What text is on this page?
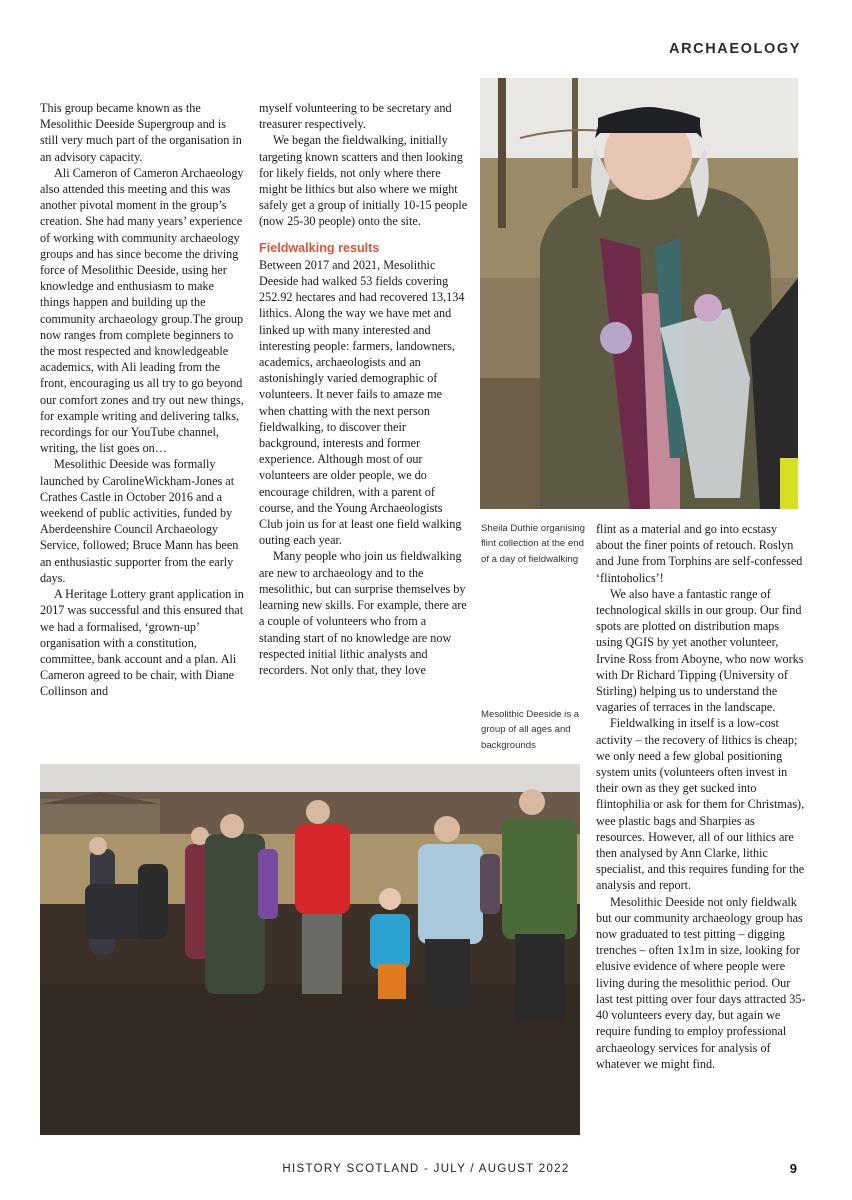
ARCHAEOLOGY

This group became known as the Mesolithic Deeside Supergroup and is still very much part of the organisation in an advisory capacity.

Ali Cameron of Cameron Archaeology also attended this meeting and this was another pivotal moment in the group’s creation. She had many years’ experience of working with community archaeology groups and has since become the driving force of Mesolithic Deeside, using her knowledge and enthusiasm to make things happen and building up the community archaeology group.The group now ranges from complete beginners to the most respected and knowledgeable academics, with Ali leading from the front, encouraging us all try to go beyond our comfort zones and try out new things, for example writing and delivering talks, recordings for our YouTube channel, writing, the list goes on…

Mesolithic Deeside was formally launched by CarolineWickham-Jones at Crathes Castle in October 2016 and a weekend of public activities, funded by Aberdeenshire Council Archaeology Service, followed; Bruce Mann has been an enthusiastic supporter from the early days.

A Heritage Lottery grant application in 2017 was successful and this ensured that we had a formalised, ‘grown-up’ organisation with a constitution, committee, bank account and a plan. Ali Cameron agreed to be chair, with Diane Collinson and

myself volunteering to be secretary and treasurer respectively.

We began the fieldwalking, initially targeting known scatters and then looking for likely fields, not only where there might be lithics but also where we might safely get a group of initially 10-15 people (now 25-30 people) onto the site.

Fieldwalking results

Between 2017 and 2021, Mesolithic Deeside had walked 53 fields covering 252.92 hectares and had recovered 13,134 lithics. Along the way we have met and linked up with many interested and interesting people: farmers, landowners, academics, archaeologists and an astonishingly varied demographic of volunteers. It never fails to amaze me when chatting with the next person fieldwalking, to discover their background, interests and former experience. Although most of our volunteers are older people, we do encourage children, with a parent of course, and the Young Archaeologists Club join us for at least one field walking outing each year.

Many people who join us fieldwalking are new to archaeology and to the mesolithic, but can surprise themselves by learning new skills. For example, there are a couple of volunteers who from a standing start of no knowledge are now respected initial lithic analysts and recorders. Not only that, they love

Sheila Duthie organising flint collection at the end of a day of fieldwalking
Mesolithic Deeside is a group of all ages and backgrounds

flint as a material and go into ecstasy about the finer points of retouch. Roslyn and June from Torphins are self-confessed ‘flintoholics’!

We also have a fantastic range of technological skills in our group. Our find spots are plotted on distribution maps using QGIS by yet another volunteer, Irvine Ross from Aboyne, who now works with Dr Richard Tipping (University of Stirling) helping us to understand the vagaries of terraces in the landscape.

Fieldwalking in itself is a low-cost activity – the recovery of lithics is cheap; we only need a few global positioning system units (volunteers often invest in their own as they get sucked into flintophilia or ask for them for Christmas), wee plastic bags and Sharpies as resources. However, all of our lithics are then analysed by Ann Clarke, lithic specialist, and this requires funding for the analysis and report.

Mesolithic Deeside not only fieldwalk but our community archaeology group has now graduated to test pitting – digging trenches – often 1x1m in size, looking for elusive evidence of where people were living during the mesolithic period. Our last test pitting over four days attracted 35-40 volunteers every day, but again we require funding to employ professional archaeology services for analysis of whatever we might find.

HISTORY SCOTLAND - JULY / AUGUST 2022	9
